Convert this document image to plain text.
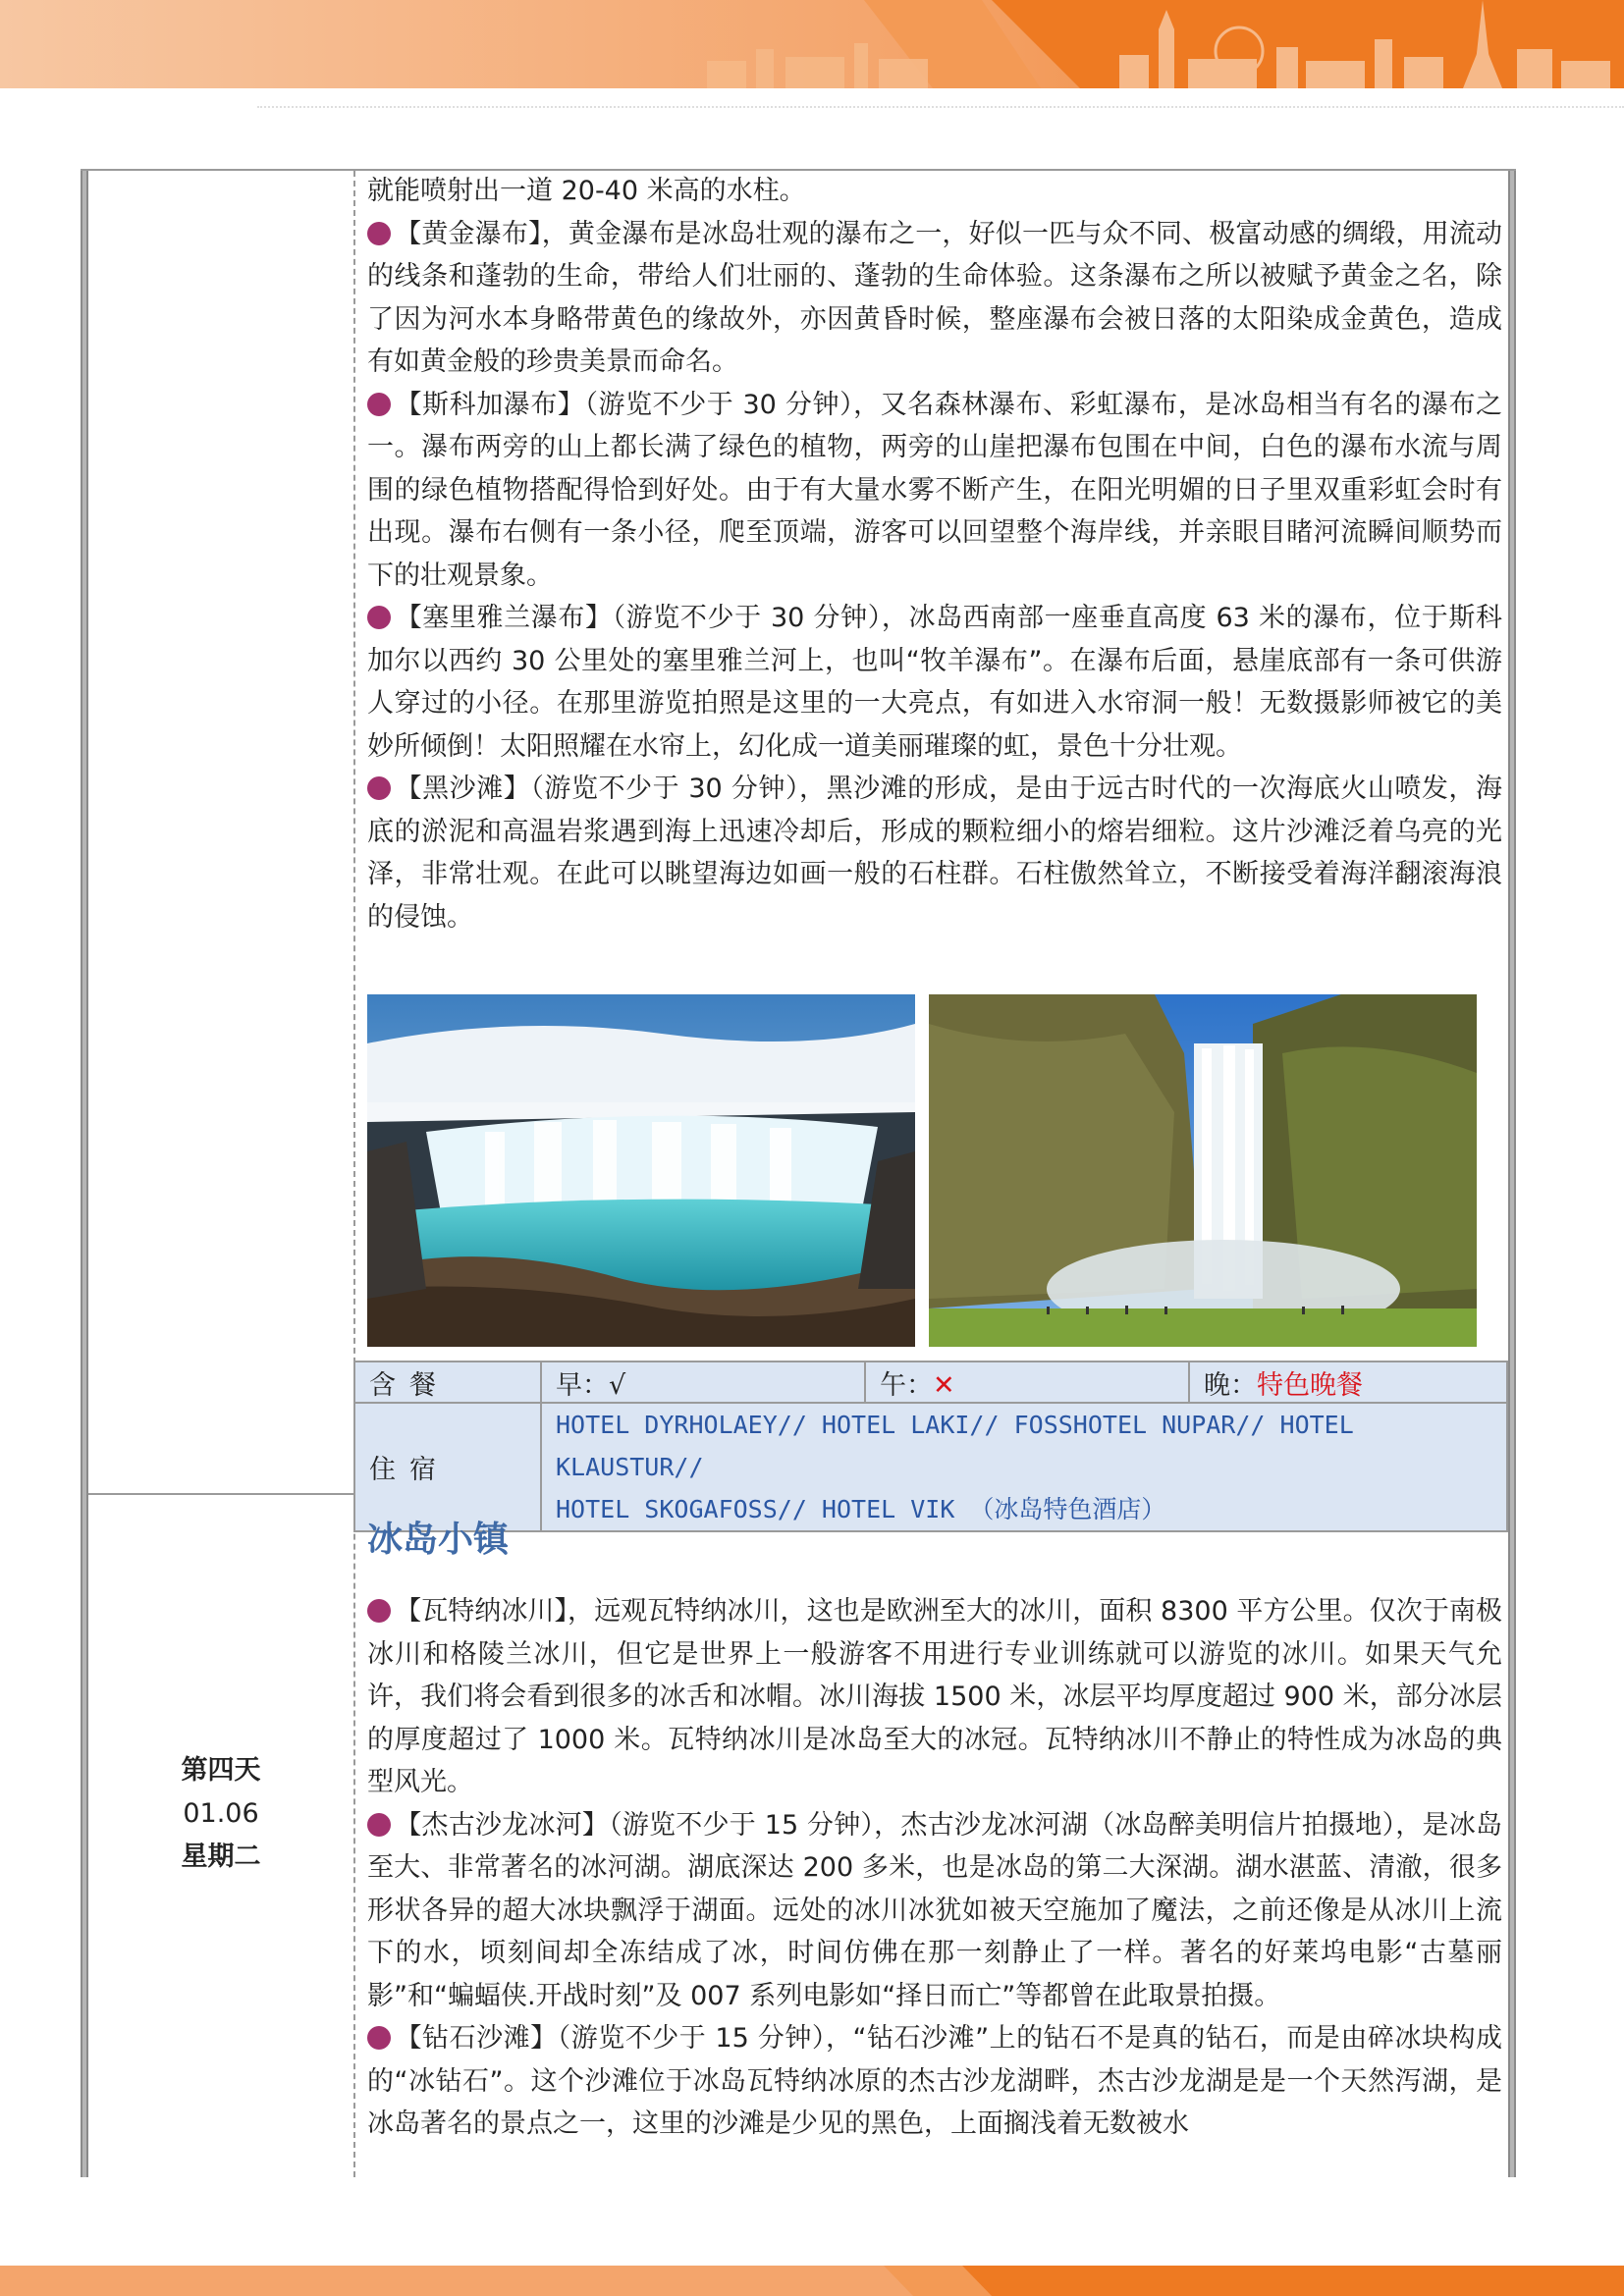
就能喷射出一道 20-40 米高的水柱。

【黄金瀑布】，黄金瀑布是冰岛壮观的瀑布之一，好似一匹与众不同、极富动感的绸缎，用流动的线条和蓬勃的生命，带给人们壮丽的、蓬勃的生命体验。这条瀑布之所以被赋予黄金之名，除了因为河水本身略带黄色的缘故外，亦因黄昏时候，整座瀑布会被日落的太阳染成金黄色，造成有如黄金般的珍贵美景而命名。

【斯科加瀑布】（游览不少于 30 分钟），又名森林瀑布、彩虹瀑布，是冰岛相当有名的瀑布之一。瀑布两旁的山上都长满了绿色的植物，两旁的山崖把瀑布包围在中间，白色的瀑布水流与周围的绿色植物搭配得恰到好处。由于有大量水雾不断产生，在阳光明媚的日子里双重彩虹会时有出现。瀑布右侧有一条小径，爬至顶端，游客可以回望整个海岸线，并亲眼目睹河流瞬间顺势而下的壮观景象。

【塞里雅兰瀑布】（游览不少于 30 分钟），冰岛西南部一座垂直高度 63 米的瀑布，位于斯科加尔以西约 30 公里处的塞里雅兰河上，也叫“牧羊瀑布”。在瀑布后面，悬崖底部有一条可供游人穿过的小径。在那里游览拍照是这里的一大亮点，有如进入水帘洞一般！无数摄影师被它的美妙所倾倒！太阳照耀在水帘上，幻化成一道美丽璀璨的虹，景色十分壮观。

【黑沙滩】（游览不少于 30 分钟），黑沙滩的形成，是由于远古时代的一次海底火山喷发，海底的淤泥和高温岩浆遇到海上迅速冷却后，形成的颗粒细小的熔岩细粒。这片沙滩泛着乌亮的光泽，非常壮观。在此可以眺望海边如画一般的石柱群。石柱傲然耸立，不断接受着海洋翻滚海浪的侵蚀。

含餐	早：√	午：✕	晚：特色晚餐
住宿	HOTEL DYRHOLAEY// HOTEL LAKI// FOSSHOTEL NUPAR// HOTEL KLAUSTUR//
HOTEL SKOGAFOSS// HOTEL VIK （冰岛特色酒店）		
第四天
01.06
星期二
冰岛小镇

【瓦特纳冰川】，远观瓦特纳冰川，这也是欧洲至大的冰川，面积 8300 平方公里。仅次于南极冰川和格陵兰冰川，但它是世界上一般游客不用进行专业训练就可以游览的冰川。如果天气允许，我们将会看到很多的冰舌和冰帽。冰川海拔 1500 米，冰层平均厚度超过 900 米，部分冰层的厚度超过了 1000 米。瓦特纳冰川是冰岛至大的冰冠。瓦特纳冰川不静止的特性成为冰岛的典型风光。

【杰古沙龙冰河】（游览不少于 15 分钟），杰古沙龙冰河湖（冰岛醉美明信片拍摄地），是冰岛至大、非常著名的冰河湖。湖底深达 200 多米，也是冰岛的第二大深湖。湖水湛蓝、清澈，很多形状各异的超大冰块飘浮于湖面。远处的冰川冰犹如被天空施加了魔法，之前还像是从冰川上流下的水，顷刻间却全冻结成了冰，时间仿佛在那一刻静止了一样。著名的好莱坞电影“古墓丽影”和“蝙蝠侠.开战时刻”及 007 系列电影如“择日而亡”等都曾在此取景拍摄。

【钻石沙滩】（游览不少于 15 分钟），“钻石沙滩”上的钻石不是真的钻石，而是由碎冰块构成的“冰钻石”。这个沙滩位于冰岛瓦特纳冰原的杰古沙龙湖畔，杰古沙龙湖是是一个天然泻湖，是冰岛著名的景点之一，这里的沙滩是少见的黑色，上面搁浅着无数被水
